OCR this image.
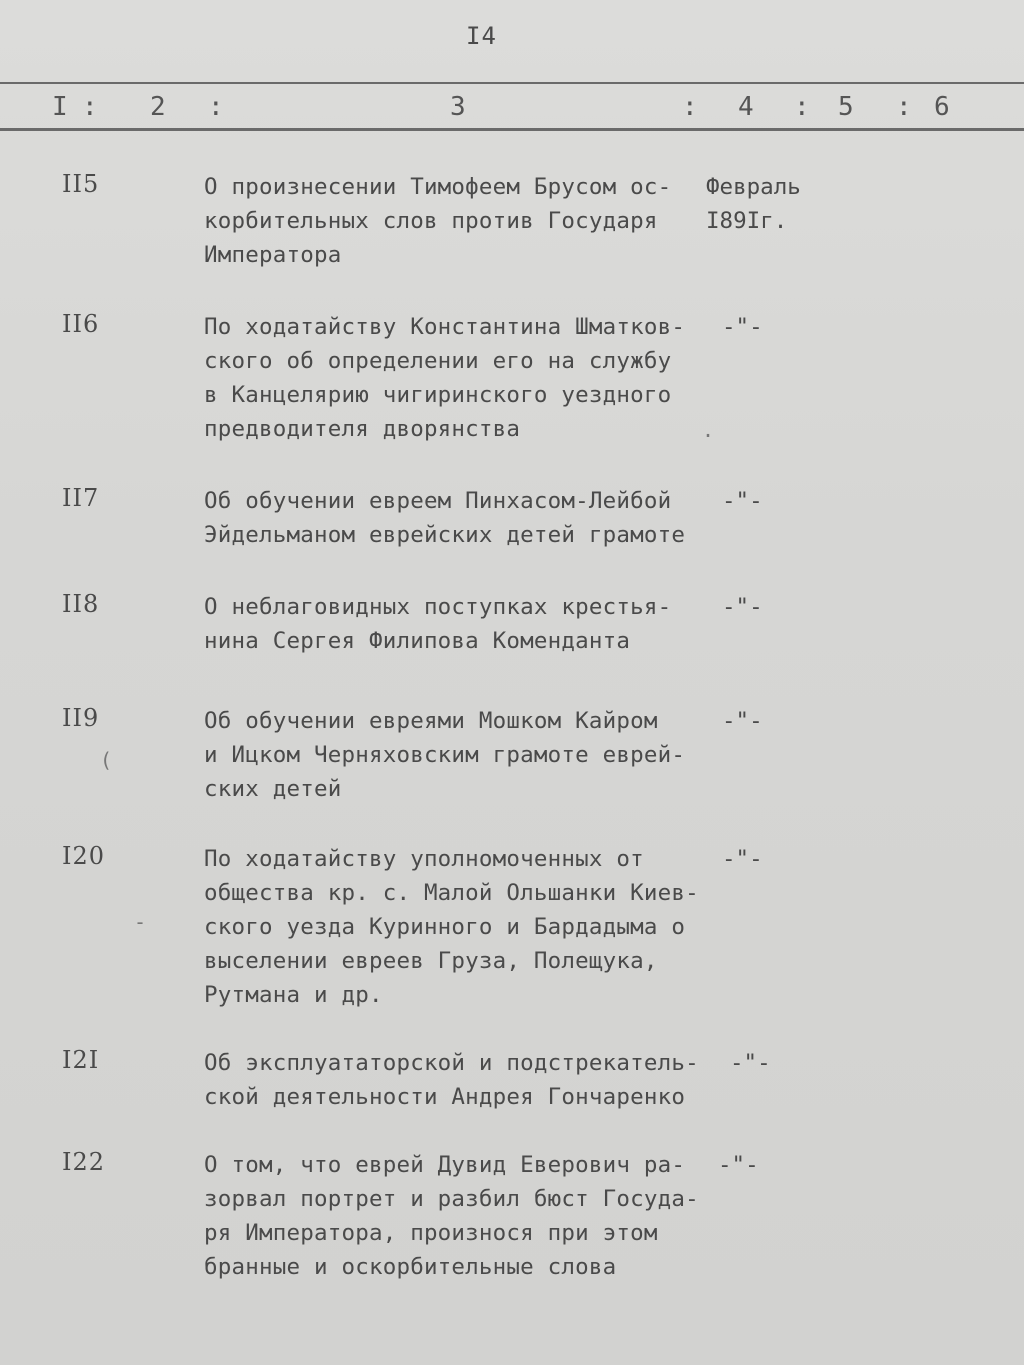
I4
I : 2 :	3	: 4 : 5 : 6
II5	О произнесении Тимофеем Брусом ос-
корбительных слов против Государя
Императора
Февраль
I89Iг.
II6	По ходатайству Константина Шматков-
ского об определении его на службу
в Канцелярию чигиринского уездного
предводителя дворянства
-"-
II7	Об обучении евреем Пинхасом-Лейбой
Эйдельманом еврейских детей грамоте
-"-
II8	О неблаговидных поступках крестья-
нина Сергея Филипова Коменданта
-"-
II9	Об обучении евреями Мошком Кайром
и Ицком Черняховским грамоте еврей-
ских детей
-"-
I20	По ходатайству уполномоченных от
общества кр. с. Малой Ольшанки Киев-
ского уезда Куринного и Бардадыма о
выселении евреев Груза, Полещука,
Рутмана и др.
-"-
I2I	Об эксплуататорской и подстрекатель-
ской деятельности Андрея Гончаренко
-"-
I22	О том, что еврей Дувид Еверович ра-
зорвал портрет и разбил бюст Госуда-
ря Императора, произнося при этом
бранные и оскорбительные слова
-"-
(
-
.
